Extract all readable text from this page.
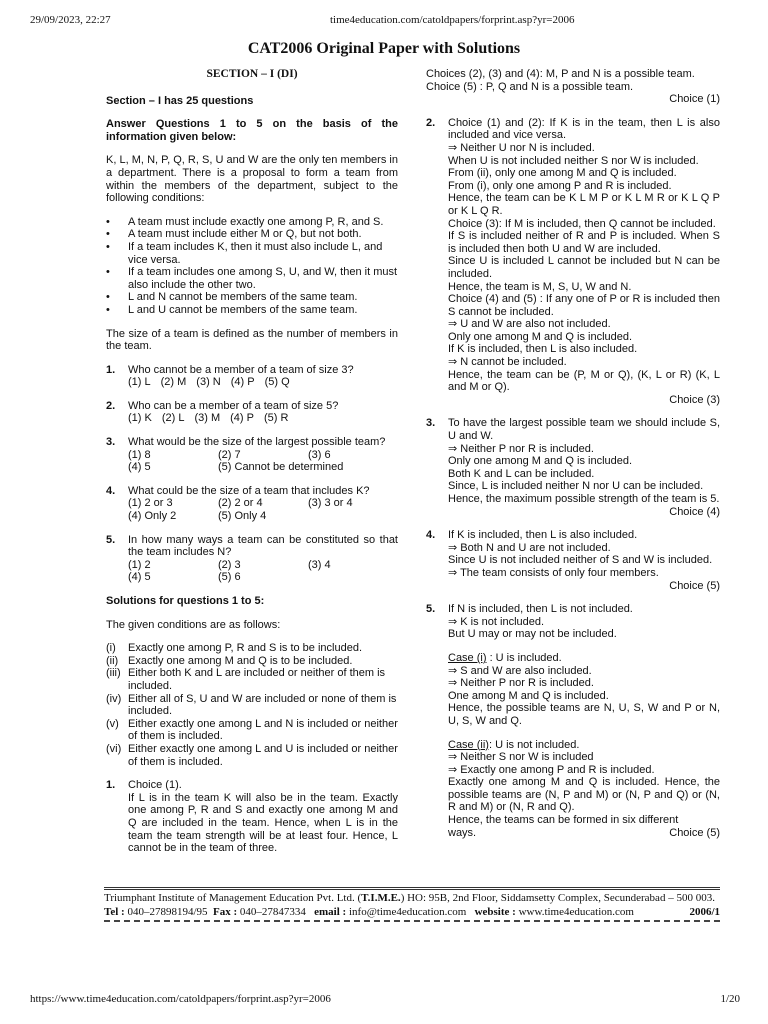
29/09/2023, 22:27	time4education.com/catoldpapers/forprint.asp?yr=2006
CAT2006 Original Paper with Solutions
SECTION – I (DI)

Section – I has 25 questions

Answer Questions 1 to 5 on the basis of the information given below:

K, L, M, N, P, Q, R, S, U and W are the only ten members in a department. There is a proposal to form a team from within the members of the department, subject to the following conditions:

• A team must include exactly one among P, R, and S.
• A team must include either M or Q, but not both.
• If a team includes K, then it must also include L, and vice versa.
• If a team includes one among S, U, and W, then it must also include the other two.
• L and N cannot be members of the same team.
• L and U cannot be members of the same team.

The size of a team is defined as the number of members in the team.

1. Who cannot be a member of a team of size 3?

(1) L (2) M (3) N (4) P (5) Q
2. Who can be a member of a team of size 5?

(1) K (2) L (3) M (4) P (5) R
3. What would be the size of the largest possible team?

(1) 8	(2) 7	(3) 6
(4) 5	(5) Cannot be determined
4. What could be the size of a team that includes K?

(1) 2 or 3	(2) 2 or 4	(3) 3 or 4
(4) Only 2	(5) Only 4
5. In how many ways a team can be constituted so that the team includes N?

(1) 2	(2) 3	(3) 4
(4) 5	(5) 6

Solutions for questions 1 to 5:

The given conditions are as follows:

(i) Exactly one among P, R and S is to be included.
(ii) Exactly one among M and Q is to be included.
(iii) Either both K and L are included or neither of them is included.
(iv) Either all of S, U and W are included or none of them is included.
(v) Either exactly one among L and N is included or neither of them is included.
(vi) Either exactly one among L and U is included or neither of them is included.
1. Choice (1).

If L is in the team K will also be in the team. Exactly one among P, R and S and exactly one among M and Q are included in the team. Hence, when L is in the team the team strength will be at least four. Hence, L cannot be in the team of three.

Choices (2), (3) and (4): M, P and N is a possible team.

Choice (5) : P, Q and N is a possible team.

Choice (1)

2. Choice (1) and (2): If K is in the team, then L is also included and vice versa.

⇒ Neither U nor N is included.

When U is not included neither S nor W is included.

From (ii), only one among M and Q is included.

From (i), only one among P and R is included.

Hence, the team can be K L M P or K L M R or K L Q P or K L Q R.

Choice (3): If M is included, then Q cannot be included.

If S is included neither of R and P is included. When S is included then both U and W are included.

Since U is included L cannot be included but N can be included.

Hence, the team is M, S, U, W and N.

Choice (4) and (5) : If any one of P or R is included then S cannot be included.

⇒ U and W are also not included.

Only one among M and Q is included.

If K is included, then L is also included.

⇒ N cannot be included.

Hence, the team can be (P, M or Q), (K, L or R) (K, L and M or Q).

Choice (3)

3. To have the largest possible team we should include S, U and W.

⇒ Neither P nor R is included.

Only one among M and Q is included.

Both K and L can be included.

Since, L is included neither N nor U can be included.

Hence, the maximum possible strength of the team is 5.

Choice (4)

4. If K is included, then L is also included.

⇒ Both N and U are not included.

Since U is not included neither of S and W is included.

⇒ The team consists of only four members.

Choice (5)

5. If N is included, then L is not included.

⇒ K is not included.

But U may or may not be included.

Case (i) : U is included.

⇒ S and W are also included.

⇒ Neither P nor R is included.

One among M and Q is included.

Hence, the possible teams are N, U, S, W and P or N, U, S, W and Q.

Case (ii): U is not included.

⇒ Neither S nor W is included

⇒ Exactly one among P and R is included.

Exactly one among M and Q is included. Hence, the possible teams are (N, P and M) or (N, P and Q) or (N, R and M) or (N, R and Q).

Hence, the teams can be formed in six different

ways.	Choice (5)
Triumphant Institute of Management Education Pvt. Ltd. (T.I.M.E.) HO: 95B, 2nd Floor, Siddamsetty Complex, Secunderabad – 500 003.
Tel : 040–27898194/95 Fax : 040–27847334 email : info@time4education.com website : www.time4education.com	2006/1
https://www.time4education.com/catoldpapers/forprint.asp?yr=2006	1/20
